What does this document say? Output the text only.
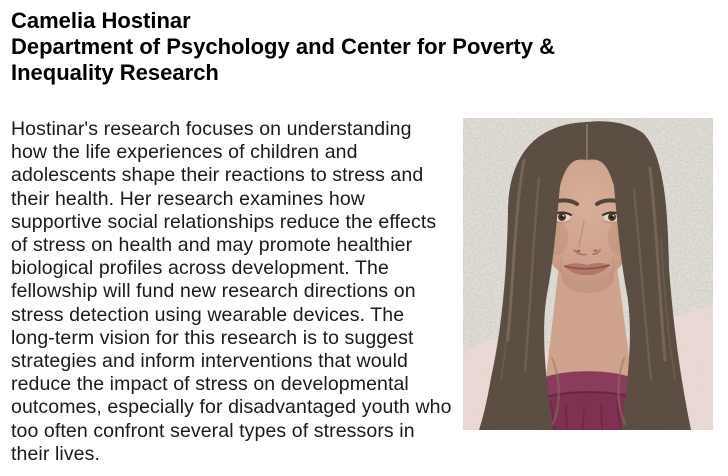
Camelia Hostinar
Department of Psychology and Center for Poverty &
Inequality Research
Hostinar's research focuses on understanding
how the life experiences of children and
adolescents shape their reactions to stress and
their health. Her research examines how
supportive social relationships reduce the effects
of stress on health and may promote healthier
biological profiles across development. The
fellowship will fund new research directions on
stress detection using wearable devices. The
long-term vision for this research is to suggest
strategies and inform interventions that would
reduce the impact of stress on developmental
outcomes, especially for disadvantaged youth who
too often confront several types of stressors in
their lives.
